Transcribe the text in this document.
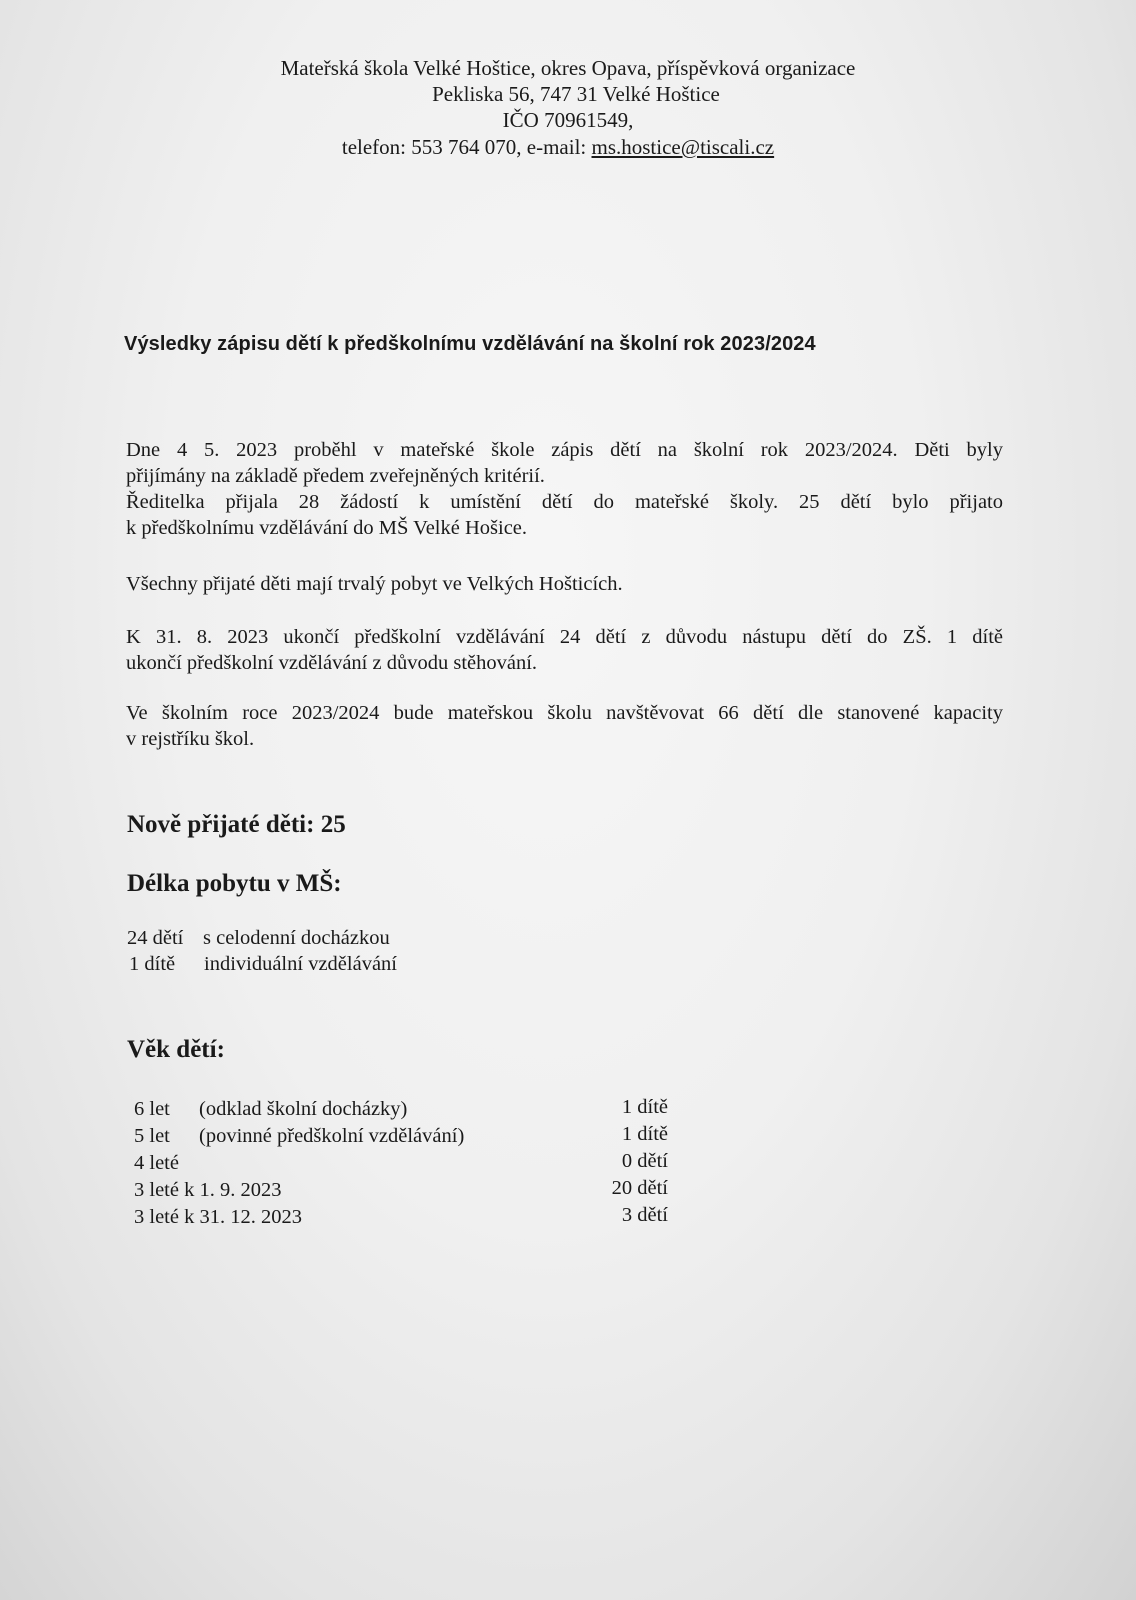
Mateřská škola Velké Hoštice, okres Opava, příspěvková organizace
Pekliska 56, 747 31 Velké Hoštice
IČO 70961549,
telefon: 553 764 070, e-mail: ms.hostice@tiscali.cz
Výsledky zápisu dětí k předškolnímu vzdělávání na školní rok 2023/2024
Dne 4 5. 2023 proběhl v mateřské škole zápis dětí na školní rok 2023/2024. Děti byly
přijímány na základě předem zveřejněných kritérií.
Ředitelka přijala 28 žádostí k umístění dětí do mateřské školy. 25 dětí bylo přijato
k předškolnímu vzdělávání do MŠ Velké Hošice.
Všechny přijaté děti mají trvalý pobyt ve Velkých Hošticích.
K 31. 8. 2023 ukončí předškolní vzdělávání 24 dětí z důvodu nástupu dětí do ZŠ. 1 dítě
ukončí předškolní vzdělávání z důvodu stěhování.
Ve školním roce 2023/2024 bude mateřskou školu navštěvovat 66 dětí dle stanovené kapacity
v rejstříku škol.
Nově přijaté děti: 25
Délka pobytu v MŠ:
24 dětí s celodenní docházkou
1 dítě individuální vzdělávání
Věk dětí:
6 let (odklad školní docházky)	1 dítě
5 let (povinné předškolní vzdělávání)	1 dítě
4 leté	0 dětí
3 leté k 1. 9. 2023	20 dětí
3 leté k 31. 12. 2023	3 dětí
